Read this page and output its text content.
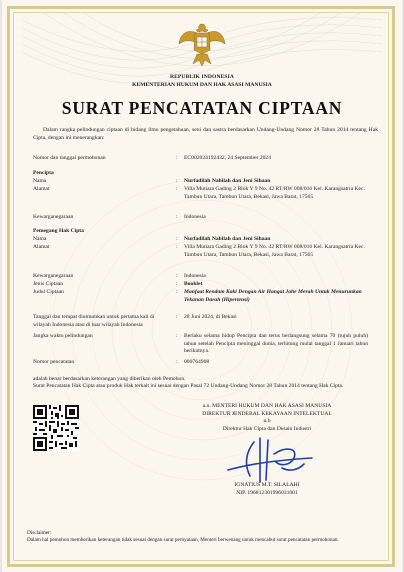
REPUBLIK INDONESIA
KEMENTERIAN HUKUM DAN HAK ASASI MANUSIA
SURAT PENCATATAN CIPTAAN
Dalam rangka pelindungan ciptaan di bidang ilmu pengetahuan, seni dan sastra berdasarkan Undang-Undang Nomor 28 Tahun 2014 tentang Hak Cipta, dengan ini menerangkan:
Nomor dan tanggal permohonan	: EC002024192432, 24 September 2024
Pencipta
Nama	: Nurfadilah Nabilah dan Jeni Sihaan
Alamat	: Villa Mutiara Gading 2 Blok Y 9 No. 42 RT/RW 008/016 Kel. Karangsatria Kec. Tambun Utara, Tambun Utara, Bekasi, Jawa Barat, 17565
Kewarganegaraan	: Indonesia
Pemegang Hak Cipta
Nama	: Nurfadilah Nabilah dan Jeni Sihaan
Alamat	: Villa Mutiara Gading 2 Blok Y 9 No. 42 RT/RW 008/016 Kel. Karangsatria Kec. Tambun Utara, Tambun Utara, Bekasi, Jawa Barat, 17565
Kewarganegaraan	: Indonesia
Jenis Ciptaan	: Booklet
Judul Ciptaan	: Manfaat Rendam Kaki Dengan Air Hangat Jahe Merah Untuk Menurunkan Tekanan Darah (Hipertensi)
Tanggal dan tempat diumumkan untuk pertama kali di wilayah Indonesia atau di luar wilayah Indonesia
: 28 Juni 2024, di Bekasi
Jangka waktu pelindungan	: Berlaku selama hidup Pencipta dan terus berlangsung selama 70 (tujuh puluh) tahun setelah Pencipta meninggal dunia, terhitung mulai tanggal 1 Januari tahun berikutnya.
Nomor pencatatan	: 000764908
adalah benar berdasarkan keterangan yang diberikan oleh Pemohon.
Surat Pencatatan Hak Cipta atau produk Hak terkait ini sesuai dengan Pasal 72 Undang-Undang Nomor 28 Tahun 2014 tentang Hak Cipta.
a.n. MENTERI HUKUM DAN HAK ASASI MANUSIA
DIREKTUR JENDERAL KEKAYAAN INTELEKTUAL
u.b
Direktur Hak Cipta dan Desain Industri
IGNATIUS M.T. SILALAHI
NIP. 196812301996031001
Disclaimer:
Dalam hal pemohon memberikan keterangan tidak sesuai dengan surat pernyataan, Menteri berwenang untuk mencabut surat pencatatan permohonan.
